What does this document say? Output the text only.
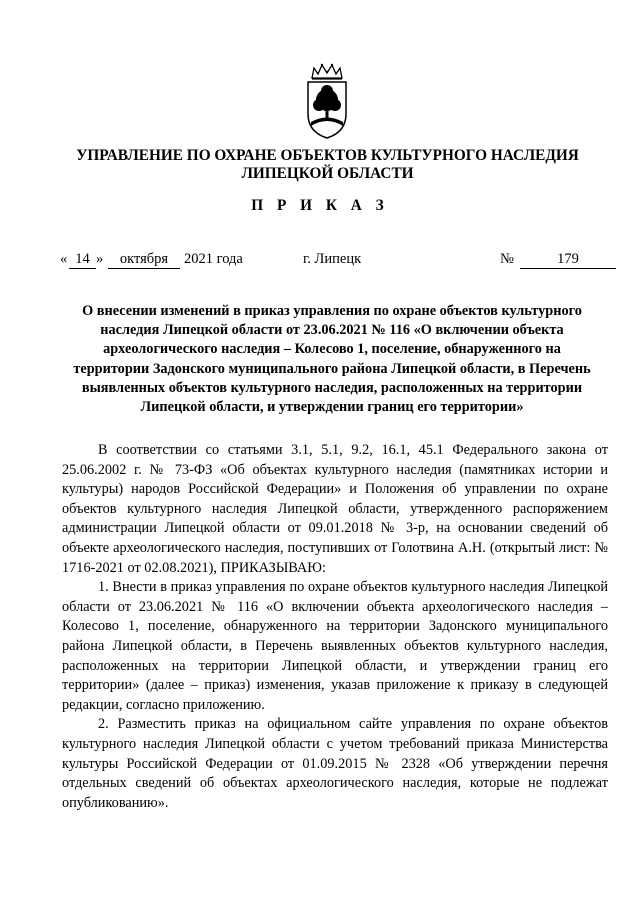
УПРАВЛЕНИЕ ПО ОХРАНЕ ОБЪЕКТОВ КУЛЬТУРНОГО НАСЛЕДИЯ
ЛИПЕЦКОЙ ОБЛАСТИ
П Р И К А З
« 14 »	октября	2021 года	г. Липецк	№	179
О внесении изменений в приказ управления по охране объектов культурного
наследия Липецкой области от 23.06.2021 № 116 «О включении объекта
археологического наследия – Колесово 1, поселение, обнаруженного на
территории Задонского муниципального района Липецкой области, в Перечень
выявленных объектов культурного наследия, расположенных на территории
Липецкой области, и утверждении границ его территории»

В соответствии со статьями 3.1, 5.1, 9.2, 16.1, 45.1 Федерального закона от 25.06.2002 г. № 73-ФЗ «Об объектах культурного наследия (памятниках истории и культуры) народов Российской Федерации» и Положения об управлении по охране объектов культурного наследия Липецкой области, утвержденного распоряжением администрации Липецкой области от 09.01.2018 № 3-р, на основании сведений об объекте археологического наследия, поступивших от Голотвина А.Н. (открытый лист: № 1716-2021 от 02.08.2021), ПРИКАЗЫВАЮ:

1. Внести в приказ управления по охране объектов культурного наследия Липецкой области от 23.06.2021 № 116 «О включении объекта археологического наследия – Колесово 1, поселение, обнаруженного на территории Задонского муниципального района Липецкой области, в Перечень выявленных объектов культурного наследия, расположенных на территории Липецкой области, и утверждении границ его территории» (далее – приказ) изменения, указав приложение к приказу в следующей редакции, согласно приложению.

2. Разместить приказ на официальном сайте управления по охране объектов культурного наследия Липецкой области с учетом требований приказа Министерства культуры Российской Федерации от 01.09.2015 № 2328 «Об утверждении перечня отдельных сведений об объектах археологического наследия, которые не подлежат опубликованию».
